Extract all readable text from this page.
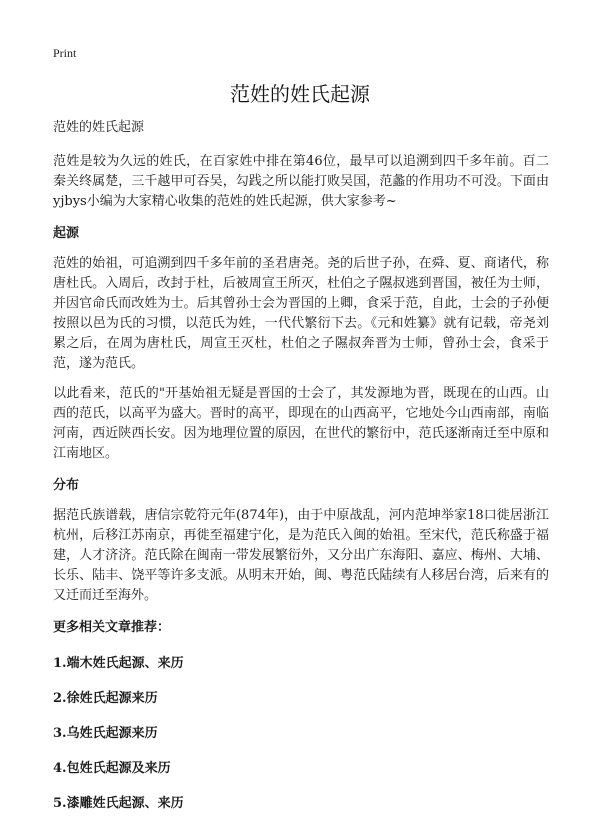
Print
范姓的姓氏起源
范姓的姓氏起源

范姓是较为久远的姓氏，在百家姓中排在第46位，最早可以追溯到四千多年前。百二秦关终属楚，三千越甲可吞吴，勾践之所以能打败吴国，范蠡的作用功不可没。下面由yjbys小编为大家精心收集的范姓的姓氏起源，供大家参考~

起源

范姓的始祖，可追溯到四千多年前的圣君唐尧。尧的后世子孙，在舜、夏、商诸代，称唐杜氏。入周后，改封于杜，后被周宣王所灭，杜伯之子隰叔逃到晋国，被任为士师，并因官命氏而改姓为士。后其曾孙士会为晋国的上卿，食采于范，自此，士会的子孙便按照以邑为氏的习惯，以范氏为姓，一代代繁衍下去。《元和姓纂》就有记载，帝尧刘累之后，在周为唐杜氏，周宣王灭杜，杜伯之子隰叔奔晋为士师，曾孙士会，食采于范，遂为范氏。

以此看来，范氏的"开基始祖无疑是晋国的士会了，其发源地为晋，既现在的山西。山西的范氏，以高平为盛大。晋时的高平，即现在的山西高平，它地处今山西南部，南临河南，西近陕西长安。因为地理位置的原因，在世代的繁衍中，范氏逐渐南迁至中原和江南地区。

分布

据范氏族谱载，唐信宗乾符元年(874年)，由于中原战乱，河内范坤举家18口徙居浙江杭州，后移江苏南京，再徙至福建宁化，是为范氏入闽的始祖。至宋代，范氏称盛于福建，人才济济。范氏除在闽南一带发展繁衍外，又分出广东海阳、嘉应、梅州、大埔、长乐、陆丰、饶平等许多支派。从明末开始，闽、粤范氏陆续有人移居台湾，后来有的又迁而迁至海外。

更多相关文章推荐：
1.端木姓氏起源、来历
2.徐姓氏起源来历
3.乌姓氏起源来历
4.包姓氏起源及来历
5.漆雕姓氏起源、来历
